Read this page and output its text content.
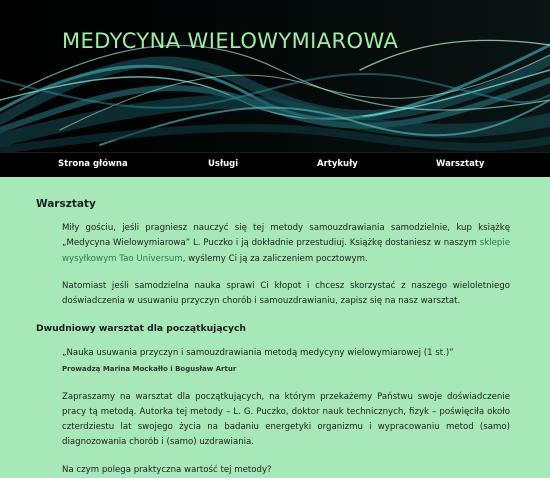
MEDYCYNA WIELOWYMIAROWA
Strona główna	Usługi	Artykuły	Warsztaty
Warsztaty

Miły gościu, jeśli pragniesz nauczyć się tej metody samouzdrawiania samodzielnie, kup książkę „Medycyna Wielowymiarowa” L. Puczko i ją dokładnie przestudiuj. Książkę dostaniesz w naszym sklepie wysyłkowym Tao Universum, wyślemy Ci ją za zaliczeniem pocztowym.

Natomiast jeśli samodzielna nauka sprawi Ci kłopot i chcesz skorzystać z naszego wieloletniego doświadczenia w usuwaniu przyczyn chorób i samouzdrawianiu, zapisz się na nasz warsztat.

Dwudniowy warsztat dla początkujących

„Nauka usuwania przyczyn i samouzdrawiania metodą medycyny wielowymiarowej (1 st.)”

Prowadzą Marina Mockałło i Bogusław Artur

Zapraszamy na warsztat dla początkujących, na którym przekażemy Państwu swoje doświadczenie pracy tą metodą. Autorka tej metody – L. G. Puczko, doktor nauk technicznych, fizyk – poświęciła około czterdziestu lat swojego życia na badaniu energetyki organizmu i wypracowaniu metod (samo) diagnozowania chorób i (samo) uzdrawiania.

Na czym polega praktyczna wartość tej metody?
